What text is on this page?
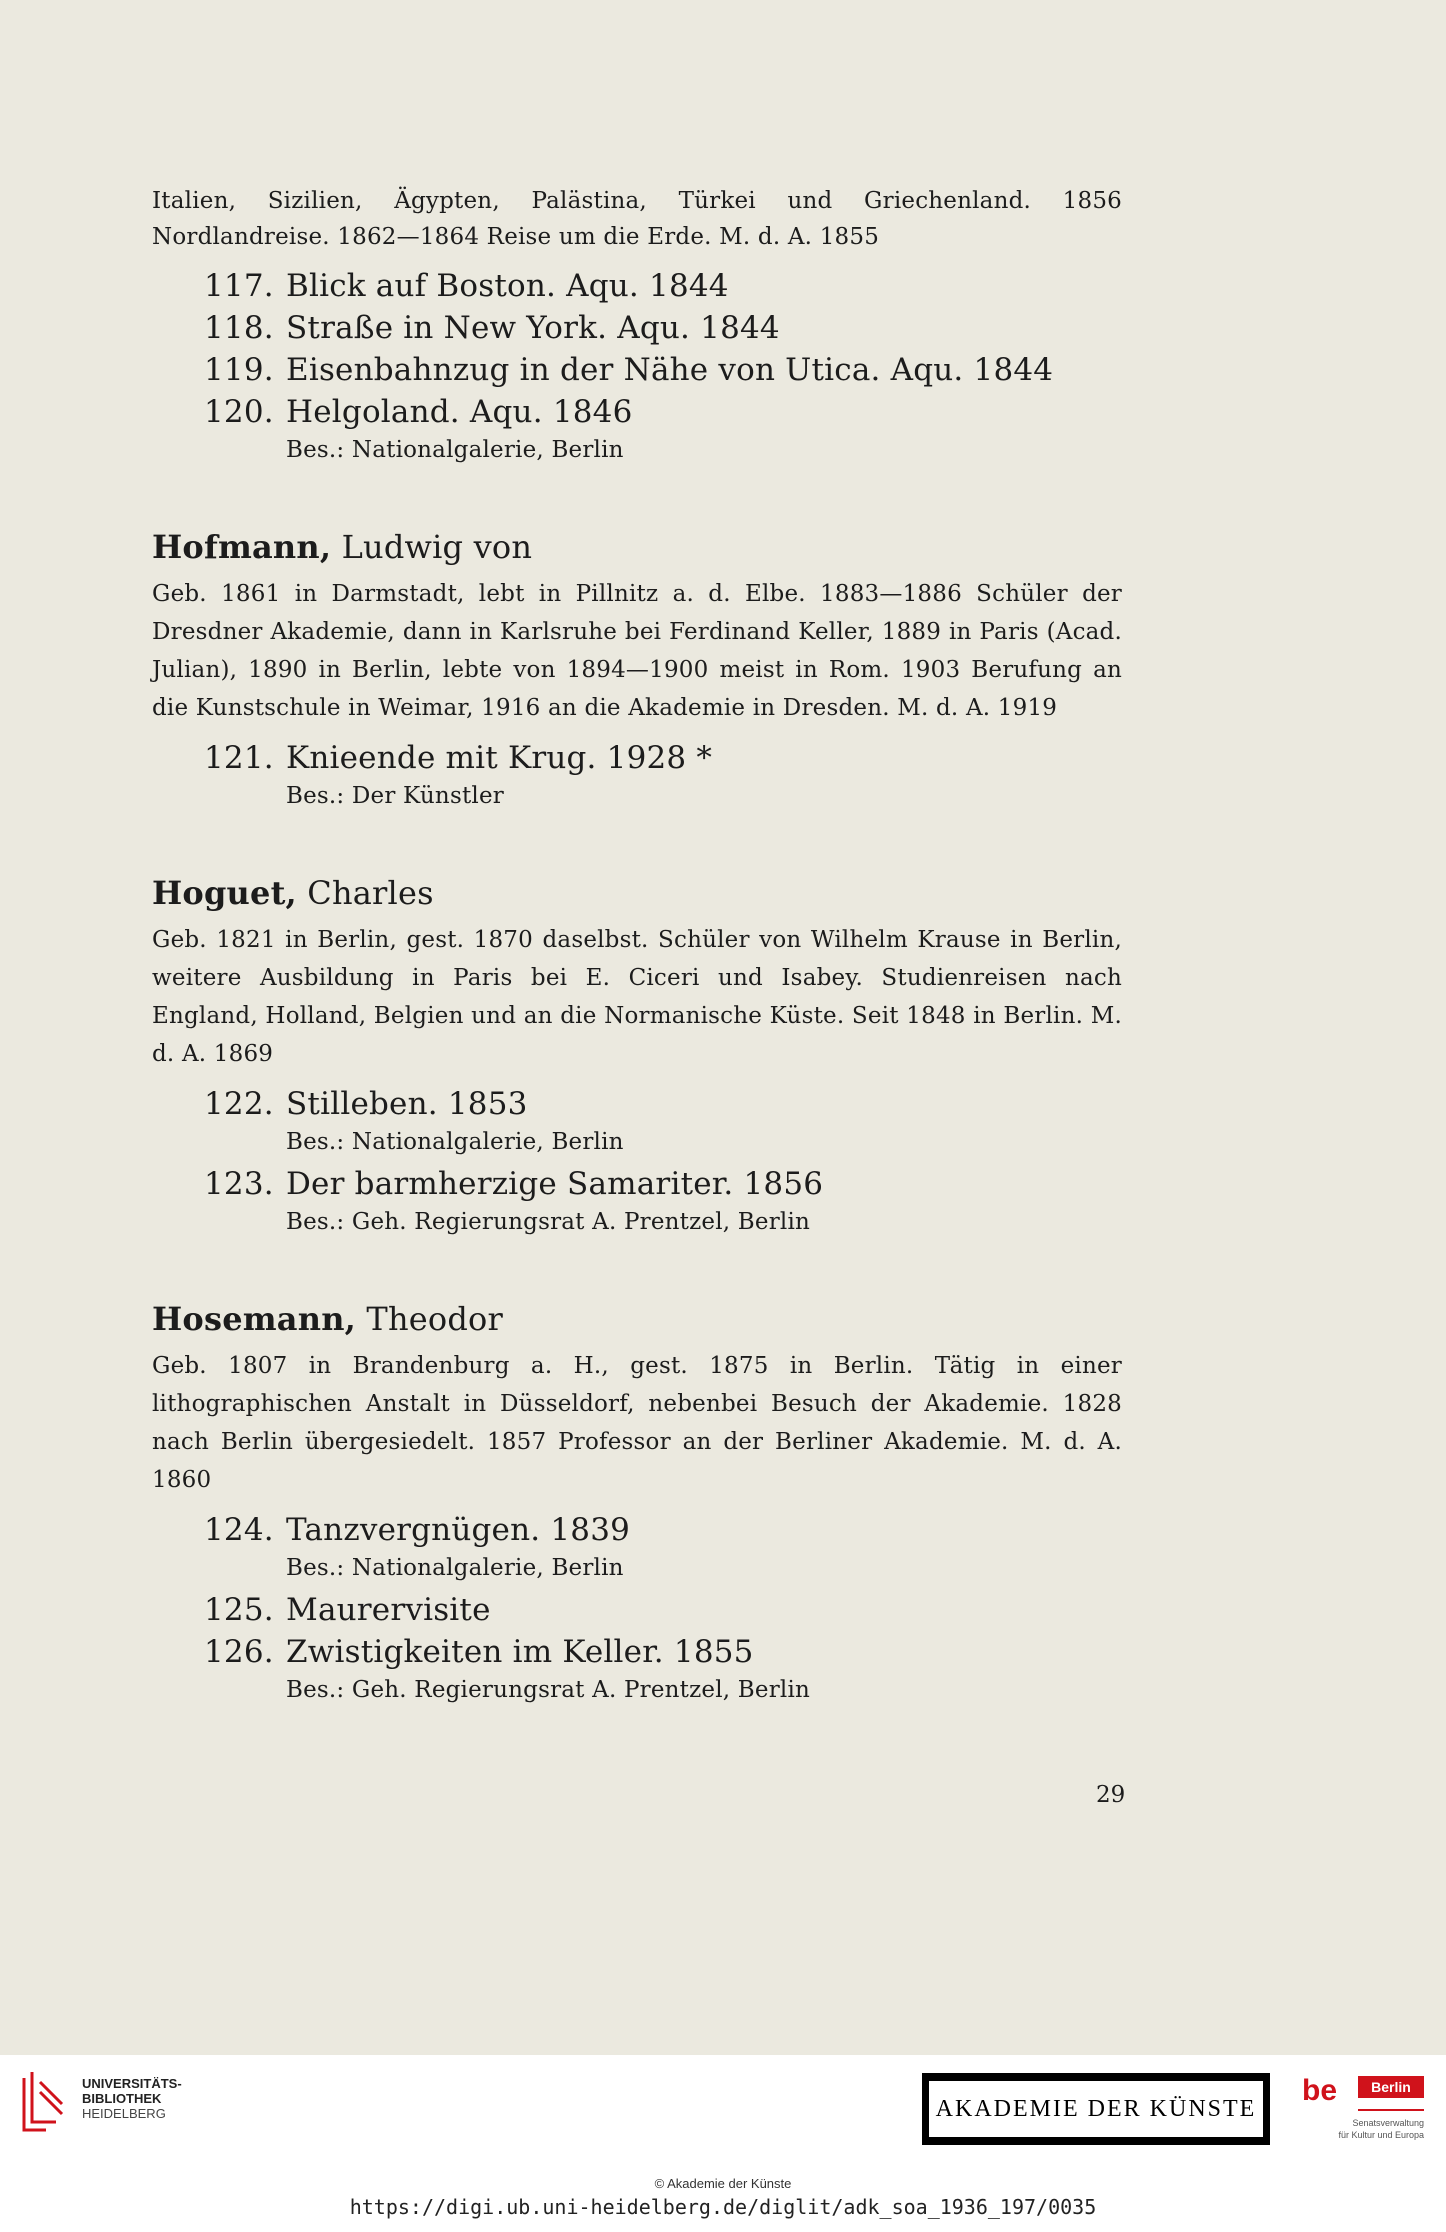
Italien, Sizilien, Ägypten, Palästina, Türkei und Griechenland. 1856 Nordlandreise. 1862—1864 Reise um die Erde. M. d. A. 1855

117. Blick auf Boston. Aqu. 1844
118. Straße in New York. Aqu. 1844
119. Eisenbahnzug in der Nähe von Utica. Aqu. 1844
120. Helgoland. Aqu. 1846
Bes.: Nationalgalerie, Berlin
Hofmann, Ludwig von

Geb. 1861 in Darmstadt, lebt in Pillnitz a. d. Elbe. 1883—1886 Schüler der Dresdner Akademie, dann in Karlsruhe bei Ferdinand Keller, 1889 in Paris (Acad. Julian), 1890 in Berlin, lebte von 1894—1900 meist in Rom. 1903 Berufung an die Kunstschule in Weimar, 1916 an die Akademie in Dresden. M. d. A. 1919

121. Knieende mit Krug. 1928 *
Bes.: Der Künstler
Hoguet, Charles

Geb. 1821 in Berlin, gest. 1870 daselbst. Schüler von Wilhelm Krause in Berlin, weitere Ausbildung in Paris bei E. Ciceri und Isabey. Studienreisen nach England, Holland, Belgien und an die Normanische Küste. Seit 1848 in Berlin. M. d. A. 1869

122. Stilleben. 1853
Bes.: Nationalgalerie, Berlin
123. Der barmherzige Samariter. 1856
Bes.: Geh. Regierungsrat A. Prentzel, Berlin
Hosemann, Theodor

Geb. 1807 in Brandenburg a. H., gest. 1875 in Berlin. Tätig in einer lithographischen Anstalt in Düsseldorf, nebenbei Besuch der Akademie. 1828 nach Berlin übergesiedelt. 1857 Professor an der Berliner Akademie. M. d. A. 1860

124. Tanzvergnügen. 1839
Bes.: Nationalgalerie, Berlin
125. Maurervisite
126. Zwistigkeiten im Keller. 1855
Bes.: Geh. Regierungsrat A. Prentzel, Berlin
29
UNIVERSITÄTS-
BIBLIOTHEK
HEIDELBERG	AKADEMIE DER KÜNSTE
be Berlin
Senatsverwaltung
für Kultur und Europa
© Akademie der Künste
https://digi.ub.uni-heidelberg.de/diglit/adk_soa_1936_197/0035
